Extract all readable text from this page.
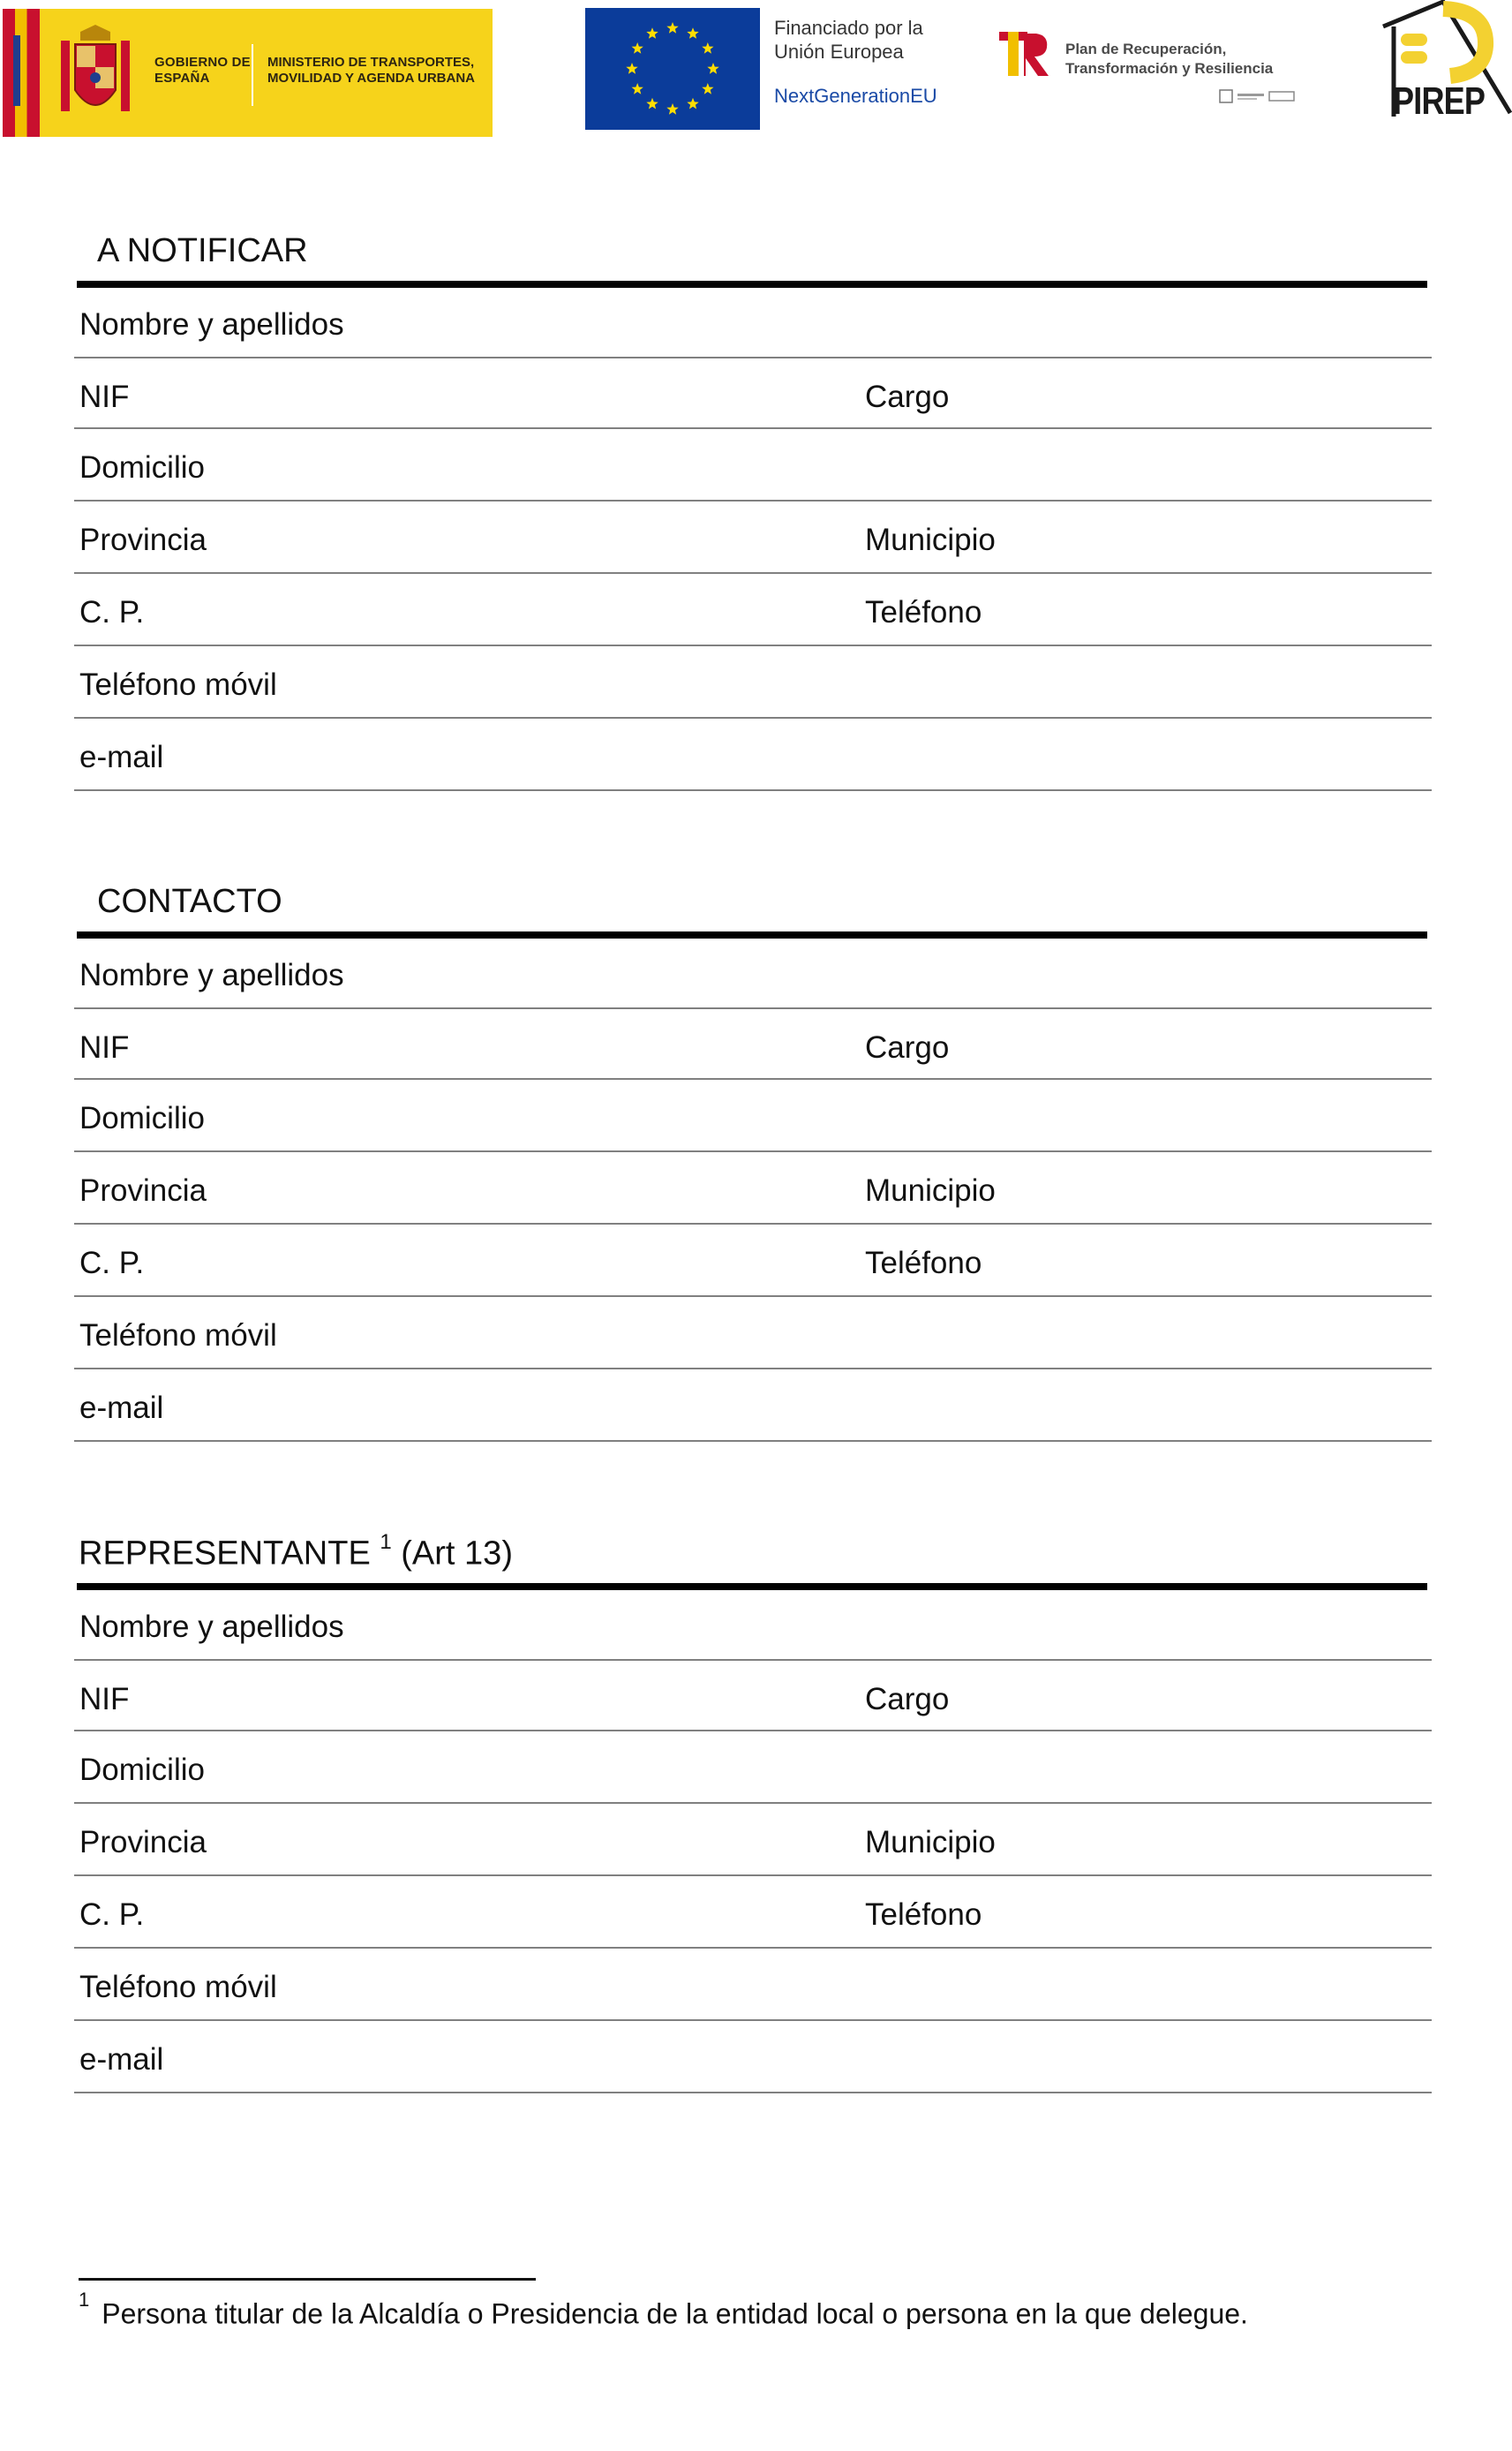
GOBIERNO DE ESPAÑA
MINISTERIO DE TRANSPORTES, MOVILIDAD Y AGENDA URBANA
Financiado por la
Unión Europea
NextGenerationEU
Plan de Recuperación,
Transformación y Resiliencia
PIREP
A NOTIFICAR
Nombre y apellidos
NIF	Cargo
Domicilio
Provincia	Municipio
C. P.	Teléfono
Teléfono móvil
e-mail
CONTACTO
Nombre y apellidos
NIF	Cargo
Domicilio
Provincia	Municipio
C. P.	Teléfono
Teléfono móvil
e-mail
REPRESENTANTE $^1$ (Art 13)
Nombre y apellidos
NIF	Cargo
Domicilio
Provincia	Municipio
C. P.	Teléfono
Teléfono móvil
e-mail
$^1$ Persona titular de la Alcaldía o Presidencia de la entidad local o persona en la que delegue.
